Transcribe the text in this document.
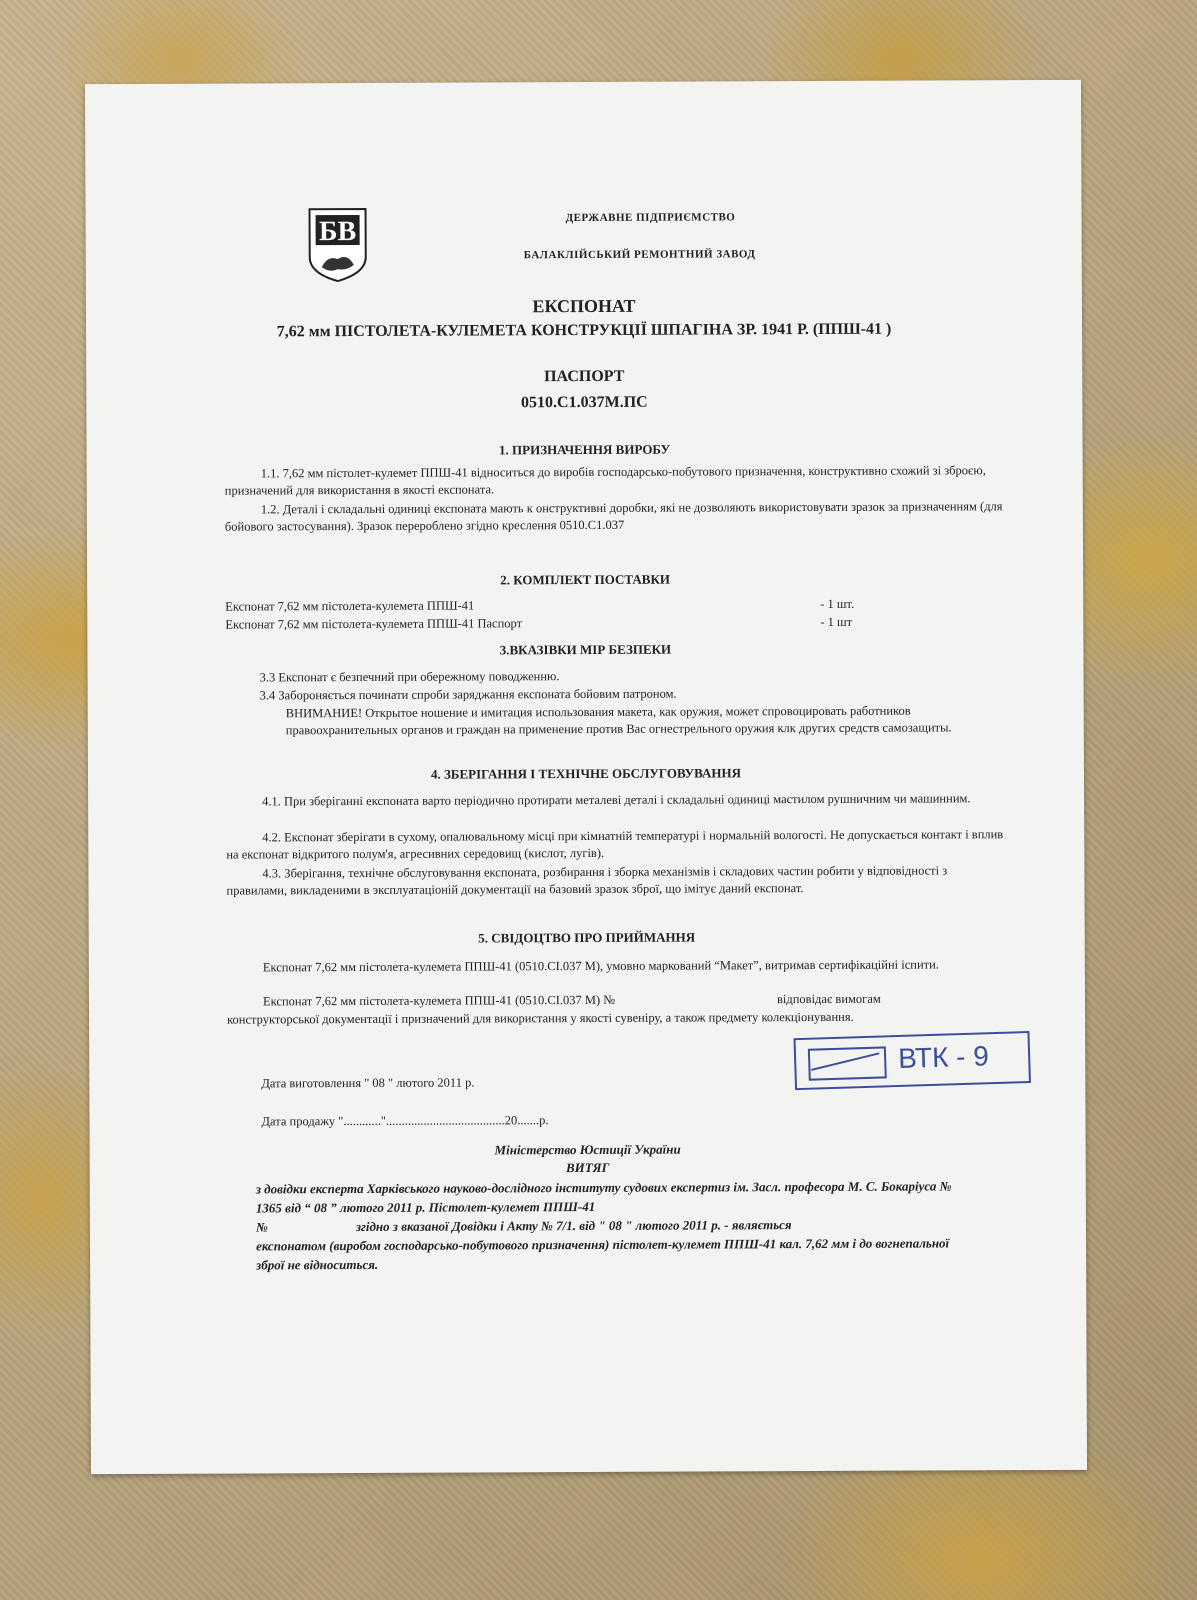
БВ	ДЕРЖАВНЕ ПІДПРИЄМСТВО
БАЛАКЛІЙСЬКИЙ РЕМОНТНИЙ ЗАВОД
ЕКСПОНАТ
7,62 мм ПІСТОЛЕТА-КУЛЕМЕТА КОНСТРУКЦІЇ ШПАГІНА ЗР. 1941 Р. (ППШ-41 )
ПАСПОРТ
0510.С1.037М.ПС
1. ПРИЗНАЧЕННЯ ВИРОБУ
1.1. 7,62 мм пістолет-кулемет ППШ-41 відноситься до виробів господарсько-побутового призначення, конструктивно схожий зі зброєю, призначений для використання в якості експоната.
1.2. Деталі і складальні одиниці експоната мають к онструктивні доробки, які не дозволяють використовувати зразок за призначенням (для бойового застосування). Зразок перероблено згідно креслення 0510.С1.037
2. КОМПЛЕКТ ПОСТАВКИ
Експонат 7,62 мм пістолета-кулемета ППШ-41	- 1 шт.
Експонат 7,62 мм пістолета-кулемета ППШ-41 Паспорт	- 1 шт
3.ВКАЗІВКИ МІР БЕЗПЕКИ
3.3 Експонат є безпечний при обережному поводженню.
3.4 Забороняється починати спроби заряджання експоната бойовим патроном.
ВНИМАНИЕ! Открытое ношение и имитация использования макета, как оружия, может спровоцировать работников правоохранительных органов и граждан на применение против Вас огнестрельного оружия клк других средств самозащиты.
4. ЗБЕРІГАННЯ І ТЕХНІЧНЕ ОБСЛУГОВУВАННЯ
4.1. При зберіганні експоната варто періодично протирати металеві деталі і складальні одиниці мастилом рушничним чи машинним.
4.2. Експонат зберігати в сухому, опалювальному місці при кімнатній температурі і нормальній вологості. Не допускається контакт і вплив на експонат відкритого полум'я, агресивних середовищ (кислот, лугів).
4.3. Зберігання, технічне обслуговування експоната, розбирання і зборка механізмів і складових частин робити у відповідності з правилами, викладеними в эксплуатаціоній документації на базовий зразок зброї, що імітує даний експонат.
5. СВІДОЦТВО ПРО ПРИЙМАННЯ
Експонат 7,62 мм пістолета-кулемета ППШ-41 (0510.CI.037 М), умовно маркований “Макет”, витримав сертифікаційні іспити.
Експонат 7,62 мм пістолета-кулемета ППШ-41 (0510.CI.037 М) №	відповідає вимогам
конструкторської документації і призначений для використання у якості сувеніру, а також предмету колекціонування.
ВТК - 9
Дата виготовлення " 08 " лютого 2011 р.
Дата продажу "............"......................................20.......р.
Міністерство Юстиції України
ВИТЯГ
з довідки експерта Харківського науково-дослідного інституту судових експертиз ім. Засл. професора М. С. Бокаріуса № 1365 від “ 08 ” лютого 2011 р. Пістолет-кулемет ППШ-41
№	згідно з вказаної Довідки і Акту № 7/1. від " 08 " лютого 2011 р. - являється
експонатом (виробом господарсько-побутового призначення) пістолет-кулемет ППШ-41 кал. 7,62 мм і до вогнепальної зброї не відноситься.
